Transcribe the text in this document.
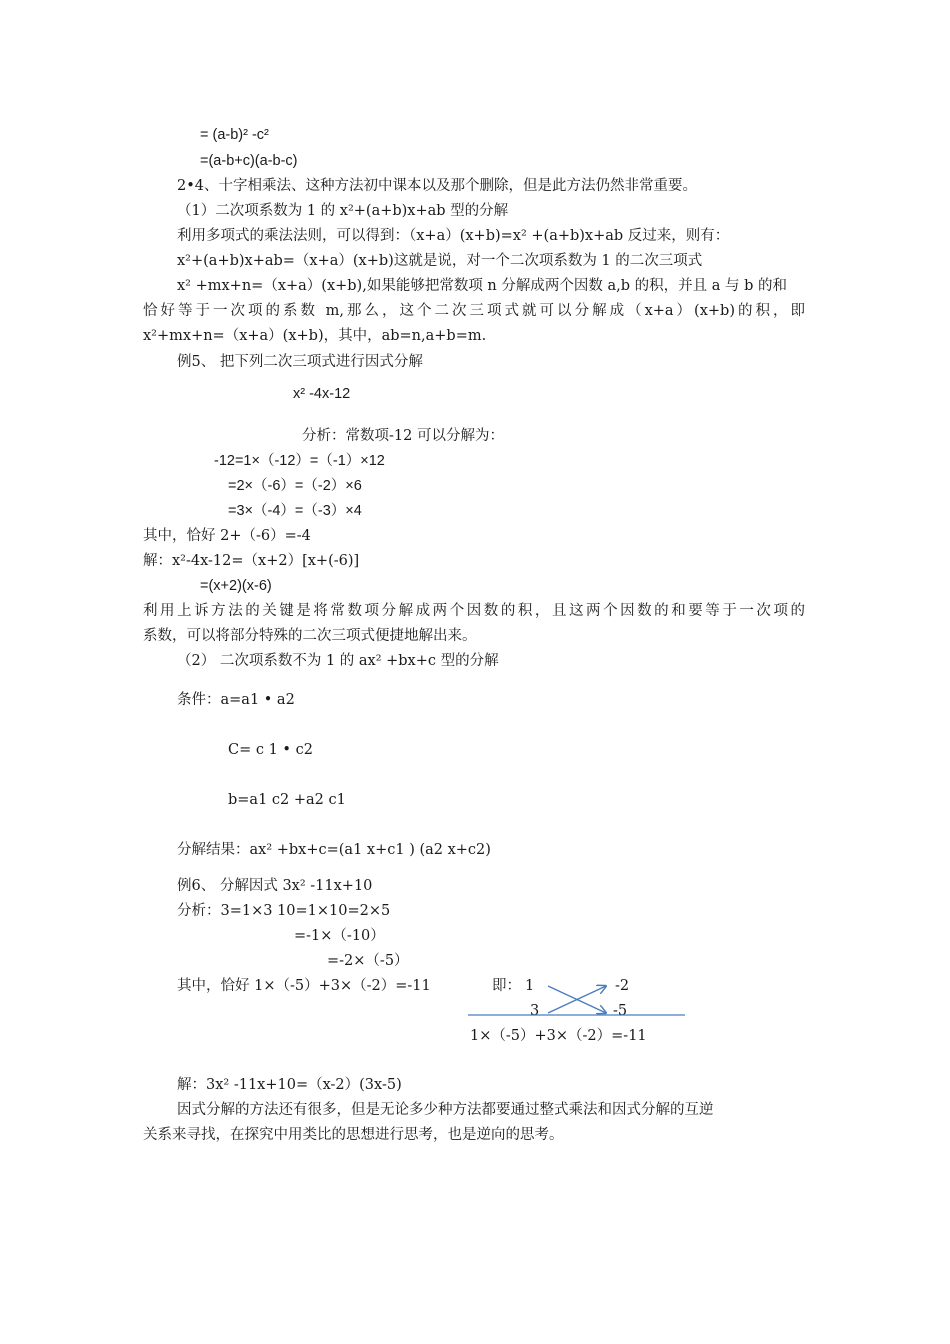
= (a-b)² -c²
=(a-b+c)(a-b-c)
2•4、十字相乘法、这种方法初中课本以及那个删除，但是此方法仍然非常重要。
（1）二次项系数为 1 的 x²+(a+b)x+ab 型的分解
利用多项式的乘法法则，可以得到：（x+a）(x+b)=x² +(a+b)x+ab 反过来，则有：
x²+(a+b)x+ab=（x+a）(x+b)这就是说，对一个二次项系数为 1 的二次三项式
x² +mx+n=（x+a）(x+b),如果能够把常数项 n 分解成两个因数 a,b 的积，并且 a 与 b 的和
恰好等于一次项的系数 m,那么，这个二次三项式就可以分解成（x+a）(x+b)的积，即
x²+mx+n=（x+a）(x+b)，其中，ab=n,a+b=m.
例5、 把下列二次三项式进行因式分解
x² -4x-12
分析：常数项-12 可以分解为：
-12=1×（-12）=（-1）×12
=2×（-6）=（-2）×6
=3×（-4）=（-3）×4
其中，恰好 2+（-6）=-4
解：x²-4x-12=（x+2）[x+(-6)]
=(x+2)(x-6)
利用上诉方法的关键是将常数项分解成两个因数的积，且这两个因数的和要等于一次项的
系数，可以将部分特殊的二次三项式便捷地解出来。
（2） 二次项系数不为 1 的 ax² +bx+c 型的分解
条件：a=a1 • a2
C= c 1 • c2
b=a1 c2 +a2 c1
分解结果：ax² +bx+c=(a1 x+c1 ) (a2 x+c2)
例6、 分解因式 3x² -11x+10
分析：3=1×3 10=1×10=2×5
=-1×（-10）
=-2×（-5）
其中，恰好 1×（-5）+3×（-2）=-11	即： 1	-2
3	-5
1×（-5）+3×（-2）=-11
解：3x² -11x+10=（x-2）(3x-5)
因式分解的方法还有很多，但是无论多少种方法都要通过整式乘法和因式分解的互逆
关系来寻找，在探究中用类比的思想进行思考，也是逆向的思考。
